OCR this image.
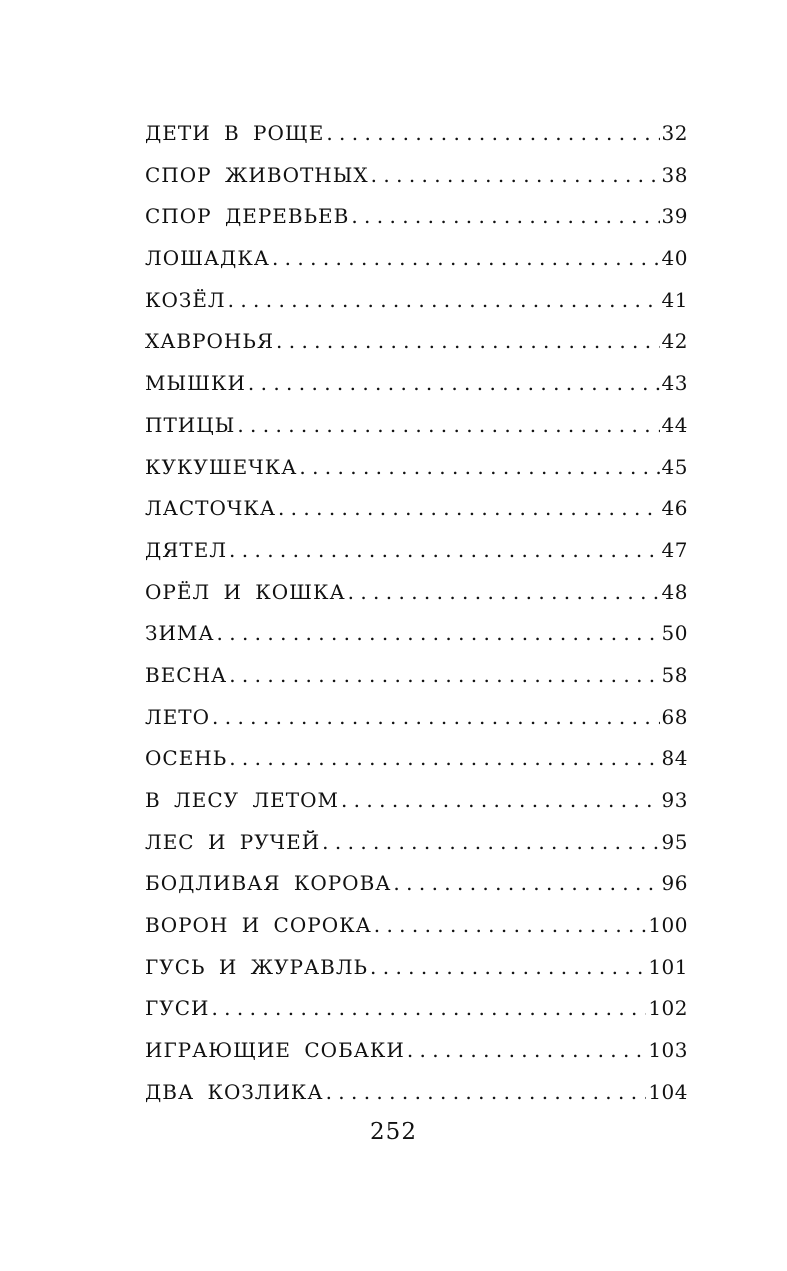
ДЕТИ В РОЩЕ . . .	32
СПОР ЖИВОТНЫХ . . .	38
СПОР ДЕРЕВЬЕВ . . .	39
ЛОШАДКА . . .	40
КОЗЁЛ . . .	41
ХАВРОНЬЯ . . .	42
МЫШКИ . . .	43
ПТИЦЫ . . .	44
КУКУШЕЧКА . . .	45
ЛАСТОЧКА . . .	46
ДЯТЕЛ . . .	47
ОРЁЛ И КОШКА . . .	48
ЗИМА . . .	50
ВЕСНА . . .	58
ЛЕТО . . .	68
ОСЕНЬ . . .	84
В ЛЕСУ ЛЕТОМ . . .	93
ЛЕС И РУЧЕЙ . . .	95
БОДЛИВАЯ КОРОВА . . .	96
ВОРОН И СОРОКА . . .	100
ГУСЬ И ЖУРАВЛЬ . . .	101
ГУСИ . . .	102
ИГРАЮЩИЕ СОБАКИ . . .	103
ДВА КОЗЛИКА . . .	104
252
